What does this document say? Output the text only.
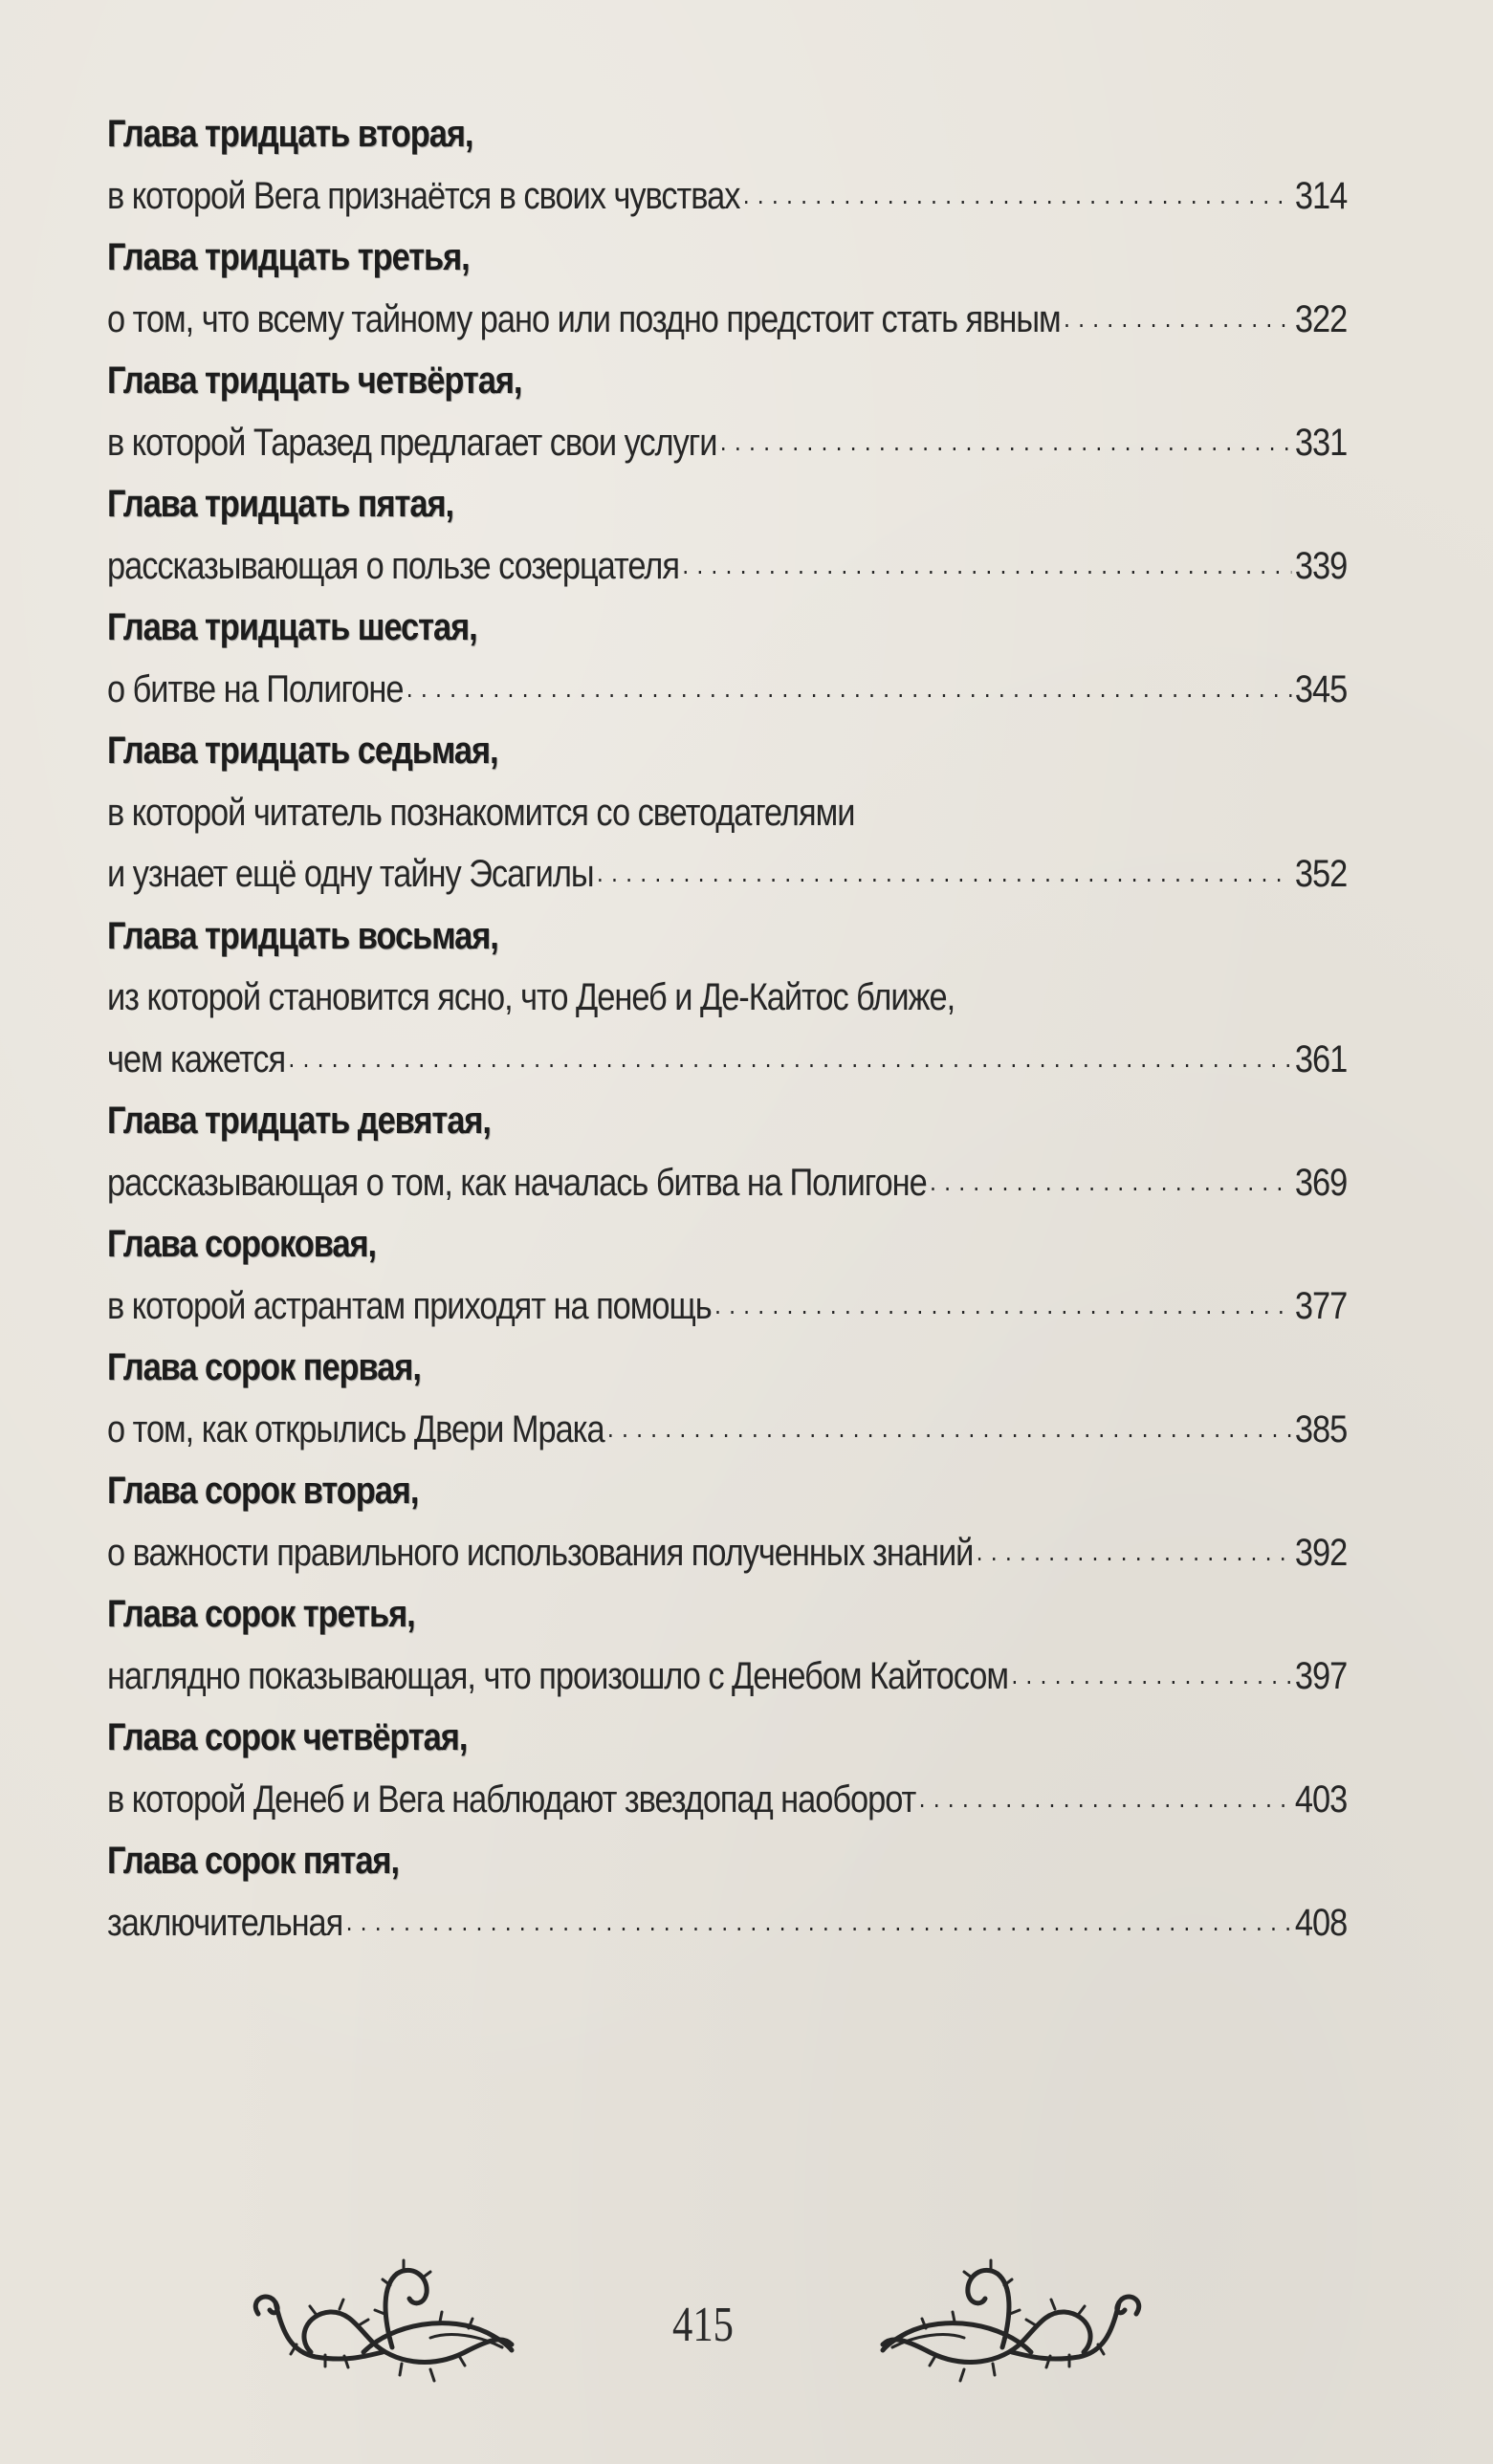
Глава тридцать вторая,
в которой Вега признаётся в своих чувствах . . .	314
Глава тридцать третья,
о том, что всему тайному рано или поздно предстоит стать явным . . .	322
Глава тридцать четвёртая,
в которой Таразед предлагает свои услуги . . .	331
Глава тридцать пятая,
рассказывающая о пользе созерцателя . . .	339
Глава тридцать шестая,
о битве на Полигоне . . .	345
Глава тридцать седьмая,
в которой читатель познакомится со светодателями
и узнает ещё одну тайну Эсагилы . . .	352
Глава тридцать восьмая,
из которой становится ясно, что Денеб и Де-Кайтос ближе,
чем кажется . . .	361
Глава тридцать девятая,
рассказывающая о том, как началась битва на Полигоне . . .	369
Глава сороковая,
в которой астрантам приходят на помощь . . .	377
Глава сорок первая,
о том, как открылись Двери Мрака . . .	385
Глава сорок вторая,
о важности правильного использования полученных знаний . . .	392
Глава сорок третья,
наглядно показывающая, что произошло с Денебом Кайтосом . . .	397
Глава сорок четвёртая,
в которой Денеб и Вега наблюдают звездопад наоборот . . .	403
Глава сорок пятая,
заключительная . . .	408
415
